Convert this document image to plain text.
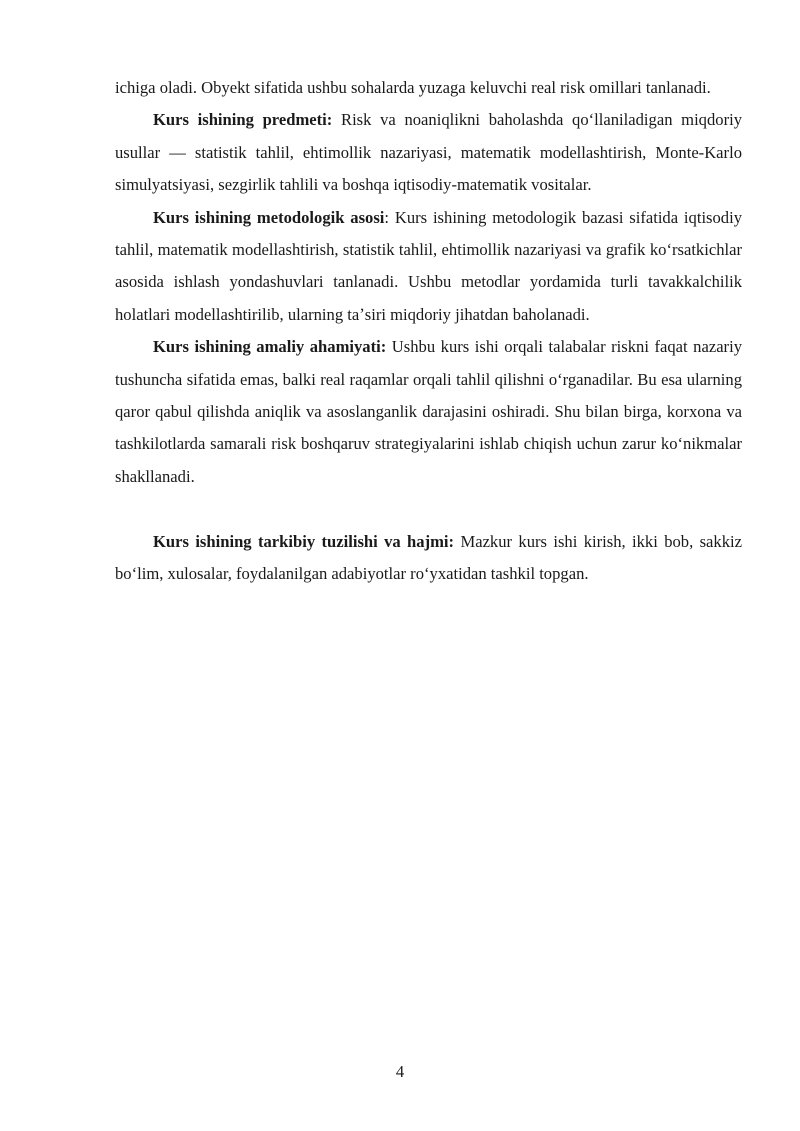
ichiga oladi. Obyekt sifatida ushbu sohalarda yuzaga keluvchi real risk omillari tanlanadi.

Kurs ishining predmeti: Risk va noaniqlikni baholashda qoʻllaniladigan miqdoriy usullar — statistik tahlil, ehtimollik nazariyasi, matematik modellashtirish, Monte-Karlo simulyatsiyasi, sezgirlik tahlili va boshqa iqtisodiy-matematik vositalar.

Kurs ishining metodologik asosi: Kurs ishining metodologik bazasi sifatida iqtisodiy tahlil, matematik modellashtirish, statistik tahlil, ehtimollik nazariyasi va grafik koʻrsatkichlar asosida ishlash yondashuvlari tanlanadi. Ushbu metodlar yordamida turli tavakkalchilik holatlari modellashtirilib, ularning taʼsiri miqdoriy jihatdan baholanadi.

Kurs ishining amaliy ahamiyati: Ushbu kurs ishi orqali talabalar riskni faqat nazariy tushuncha sifatida emas, balki real raqamlar orqali tahlil qilishni oʻrganadilar. Bu esa ularning qaror qabul qilishda aniqlik va asoslanganlik darajasini oshiradi. Shu bilan birga, korxona va tashkilotlarda samarali risk boshqaruv strategiyalarini ishlab chiqish uchun zarur koʻnikmalar shakllanadi.

Kurs ishining tarkibiy tuzilishi va hajmi: Mazkur kurs ishi kirish, ikki bob, sakkiz boʻlim, xulosalar, foydalanilgan adabiyotlar roʻyxatidan tashkil topgan.

4
